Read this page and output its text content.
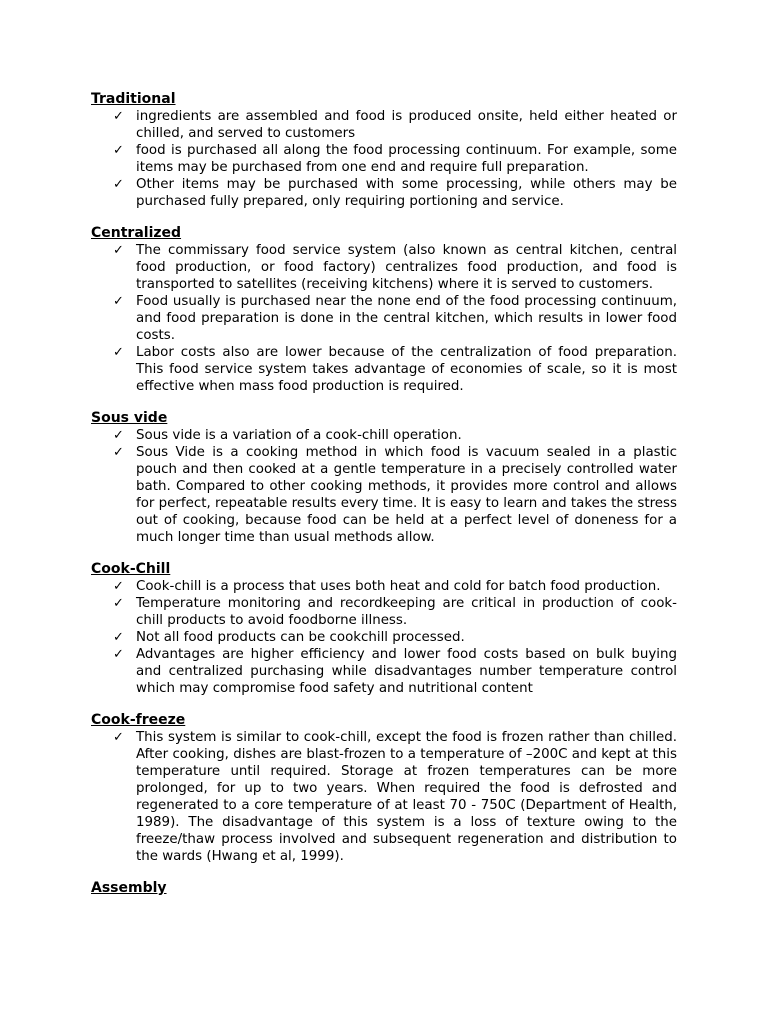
Traditional
✓ ingredients are assembled and food is produced onsite, held either heated or chilled, and served to customers
✓ food is purchased all along the food processing continuum. For example, some items may be purchased from one end and require full preparation.
✓ Other items may be purchased with some processing, while others may be purchased fully prepared, only requiring portioning and service.
Centralized
✓ The commissary food service system (also known as central kitchen, central food production, or food factory) centralizes food production, and food is transported to satellites (receiving kitchens) where it is served to customers.
✓ Food usually is purchased near the none end of the food processing continuum, and food preparation is done in the central kitchen, which results in lower food costs.
✓ Labor costs also are lower because of the centralization of food preparation. This food service system takes advantage of economies of scale, so it is most effective when mass food production is required.
Sous vide
✓ Sous vide is a variation of a cook-chill operation.
✓ Sous Vide is a cooking method in which food is vacuum sealed in a plastic pouch and then cooked at a gentle temperature in a precisely controlled water bath. Compared to other cooking methods, it provides more control and allows for perfect, repeatable results every time. It is easy to learn and takes the stress out of cooking, because food can be held at a perfect level of doneness for a much longer time than usual methods allow.
Cook-Chill
✓ Cook-chill is a process that uses both heat and cold for batch food production.
✓ Temperature monitoring and recordkeeping are critical in production of cook-chill products to avoid foodborne illness.
✓ Not all food products can be cookchill processed.
✓ Advantages are higher efficiency and lower food costs based on bulk buying and centralized purchasing while disadvantages number temperature control which may compromise food safety and nutritional content
Cook-freeze
✓ This system is similar to cook-chill, except the food is frozen rather than chilled. After cooking, dishes are blast-frozen to a temperature of –200C and kept at this temperature until required. Storage at frozen temperatures can be more prolonged, for up to two years. When required the food is defrosted and regenerated to a core temperature of at least 70 - 750C (Department of Health, 1989). The disadvantage of this system is a loss of texture owing to the freeze/thaw process involved and subsequent regeneration and distribution to the wards (Hwang et al, 1999).
Assembly
